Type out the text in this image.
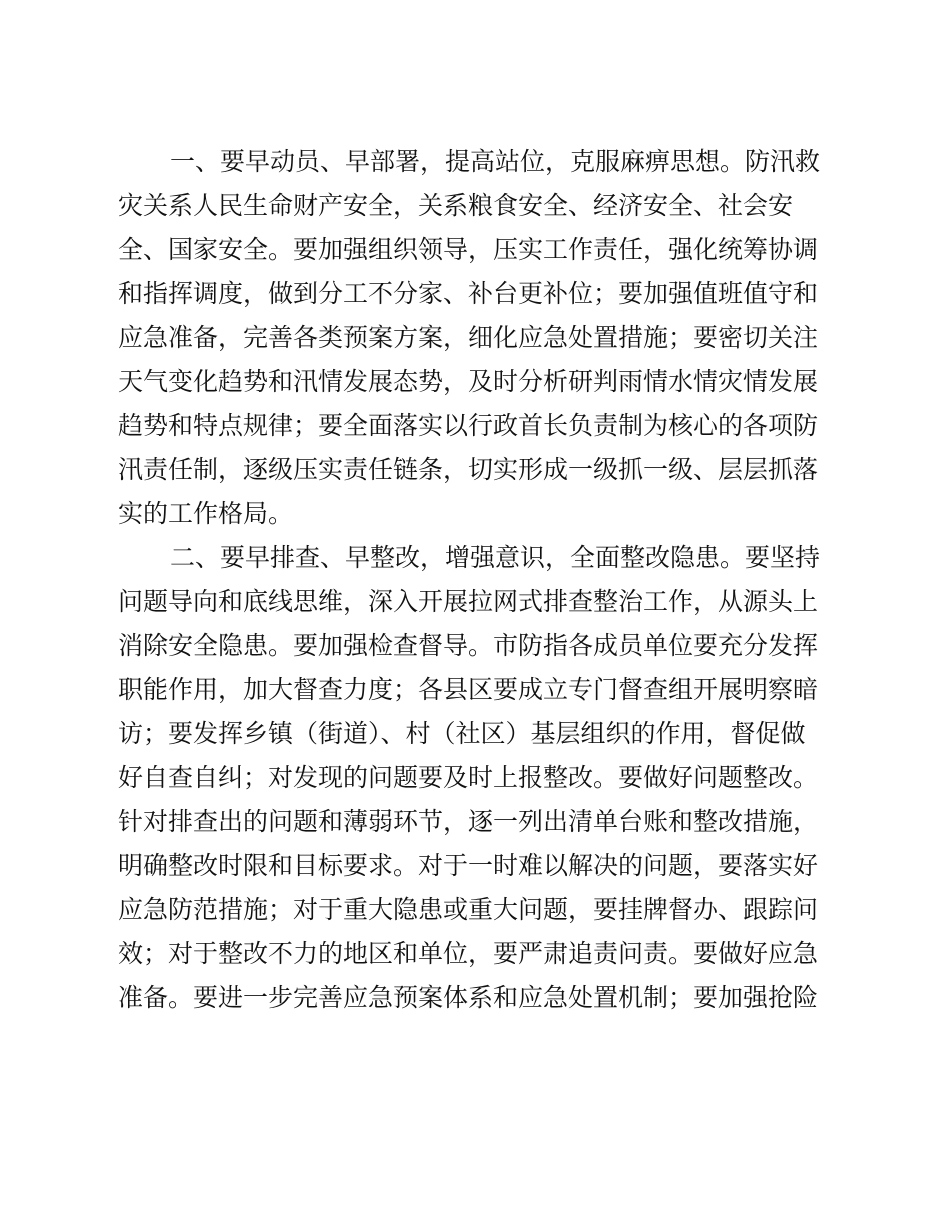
一、要早动员、早部署，提高站位，克服麻痹思想。防汛救
灾关系人民生命财产安全，关系粮食安全、经济安全、社会安
全、国家安全。要加强组织领导，压实工作责任，强化统筹协调
和指挥调度，做到分工不分家、补台更补位；要加强值班值守和
应急准备，完善各类预案方案，细化应急处置措施；要密切关注
天气变化趋势和汛情发展态势，及时分析研判雨情水情灾情发展
趋势和特点规律；要全面落实以行政首长负责制为核心的各项防
汛责任制，逐级压实责任链条，切实形成一级抓一级、层层抓落
实的工作格局。
二、要早排查、早整改，增强意识，全面整改隐患。要坚持
问题导向和底线思维，深入开展拉网式排查整治工作，从源头上
消除安全隐患。要加强检查督导。市防指各成员单位要充分发挥
职能作用，加大督查力度；各县区要成立专门督查组开展明察暗
访；要发挥乡镇（街道）、村（社区）基层组织的作用，督促做
好自查自纠；对发现的问题要及时上报整改。要做好问题整改。
针对排查出的问题和薄弱环节，逐一列出清单台账和整改措施，
明确整改时限和目标要求。对于一时难以解决的问题，要落实好
应急防范措施；对于重大隐患或重大问题，要挂牌督办、跟踪问
效；对于整改不力的地区和单位，要严肃追责问责。要做好应急
准备。要进一步完善应急预案体系和应急处置机制；要加强抢险
